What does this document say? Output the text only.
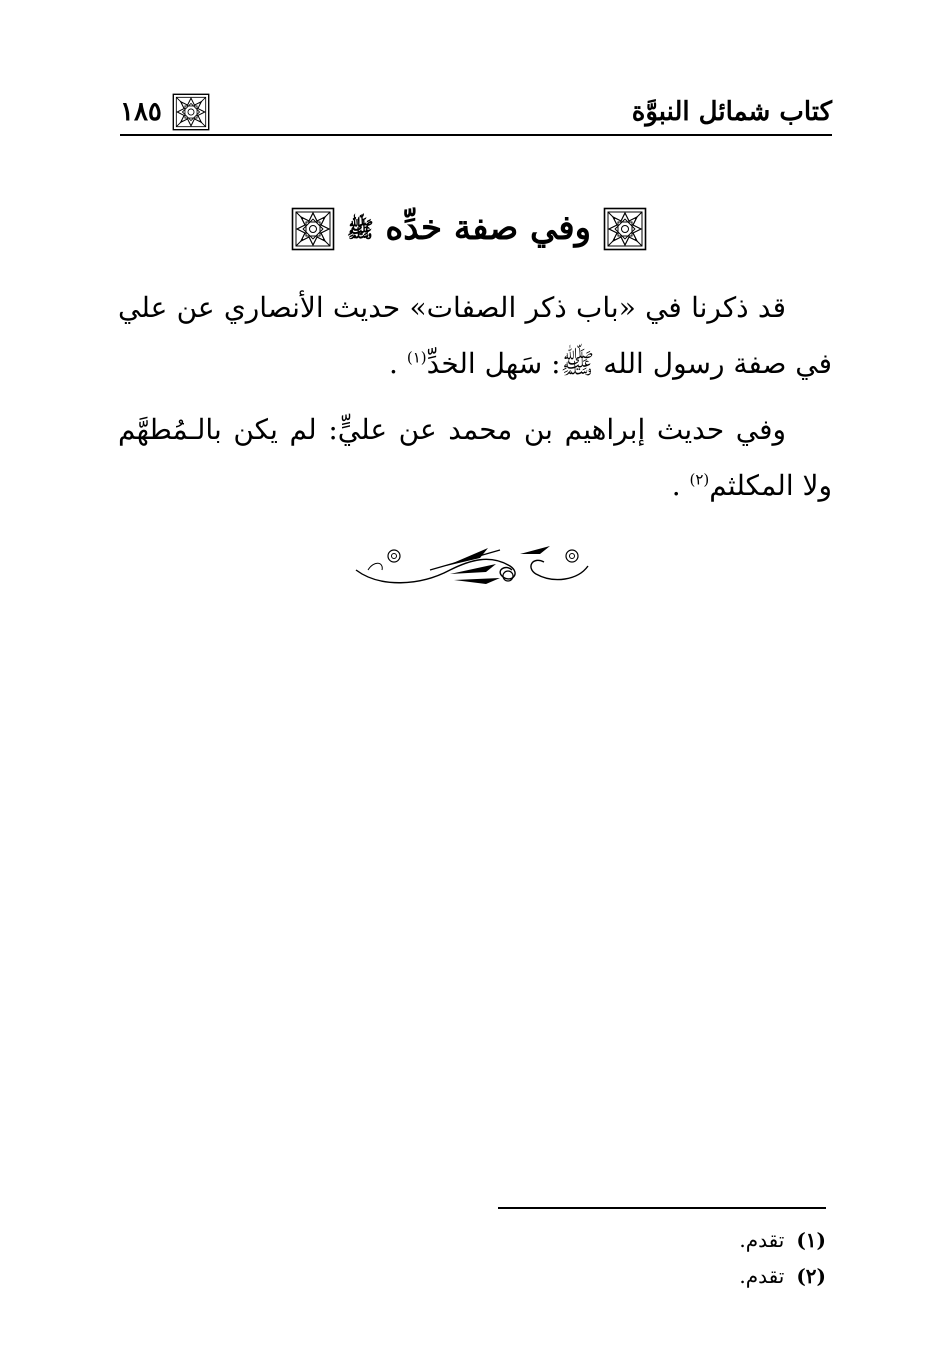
كتاب شمائل النبوَّة
١٨٥
وفي صفة خدِّه ﷺ

قد ذكرنا في «باب ذكر الصفات» حديث الأنصاري عن علي في صفة رسول الله ﷺ: سَهل الخدِّ$^{(١)}$ .

وفي حديث إبراهيم بن محمد عن عليٍّ: لم يكن بالـمُطهَّم ولا المكلثم$^{(٢)}$ .

(١)
تقدم.
(٢)
تقدم.
